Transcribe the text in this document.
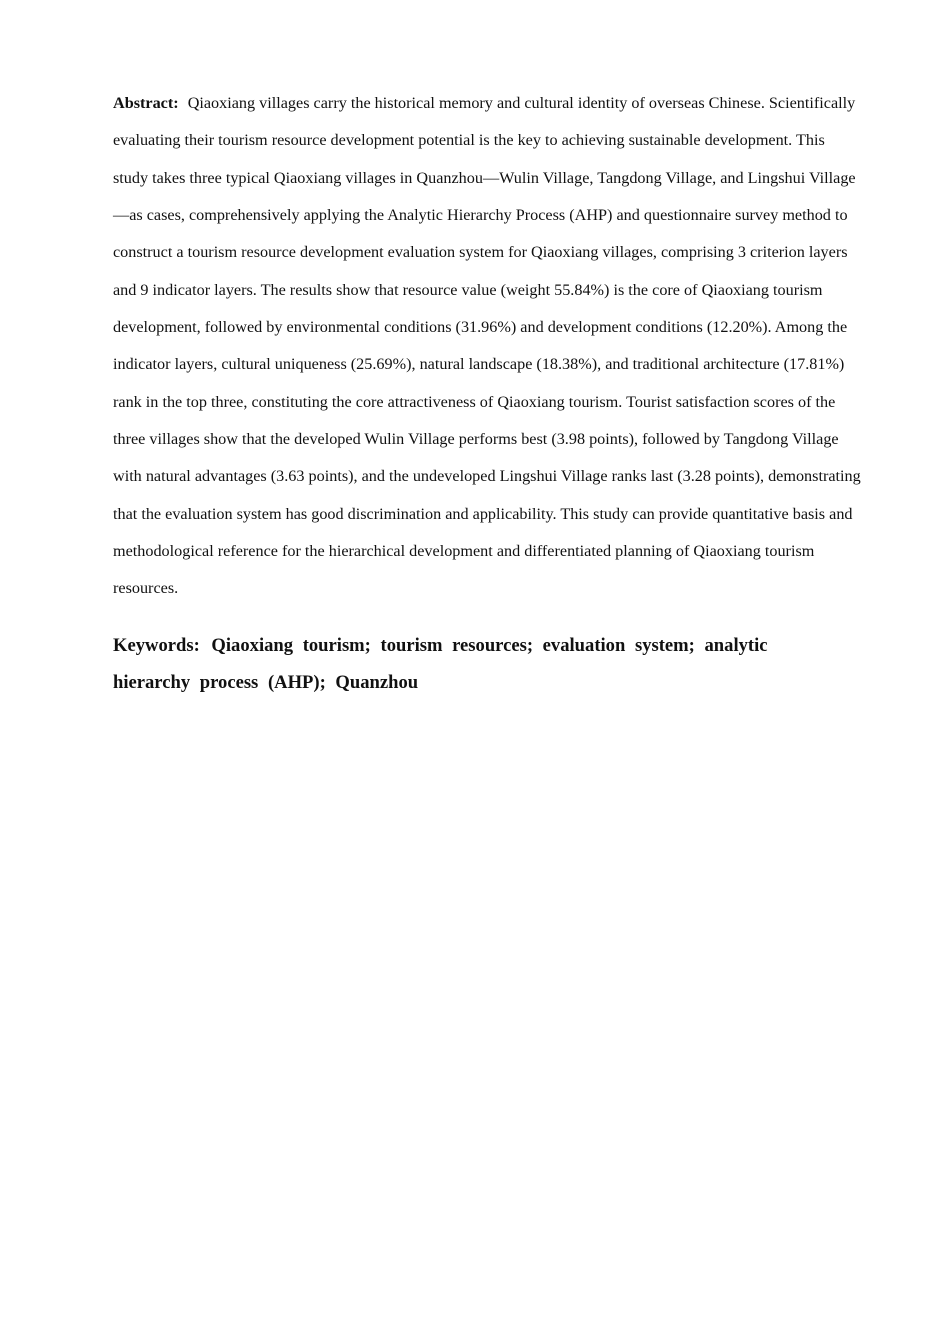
Abstract: Qiaoxiang villages carry the historical memory and cultural identity of overseas Chinese. Scientifically evaluating their tourism resource development potential is the key to achieving sustainable development. This study takes three typical Qiaoxiang villages in Quanzhou—Wulin Village, Tangdong Village, and Lingshui Village—as cases, comprehensively applying the Analytic Hierarchy Process (AHP) and questionnaire survey method to construct a tourism resource development evaluation system for Qiaoxiang villages, comprising 3 criterion layers and 9 indicator layers. The results show that resource value (weight 55.84%) is the core of Qiaoxiang tourism development, followed by environmental conditions (31.96%) and development conditions (12.20%). Among the indicator layers, cultural uniqueness (25.69%), natural landscape (18.38%), and traditional architecture (17.81%) rank in the top three, constituting the core attractiveness of Qiaoxiang tourism. Tourist satisfaction scores of the three villages show that the developed Wulin Village performs best (3.98 points), followed by Tangdong Village with natural advantages (3.63 points), and the undeveloped Lingshui Village ranks last (3.28 points), demonstrating that the evaluation system has good discrimination and applicability. This study can provide quantitative basis and methodological reference for the hierarchical development and differentiated planning of Qiaoxiang tourism resources.

Keywords: Qiaoxiang tourism; tourism resources; evaluation system; analytic hierarchy process (AHP); Quanzhou
